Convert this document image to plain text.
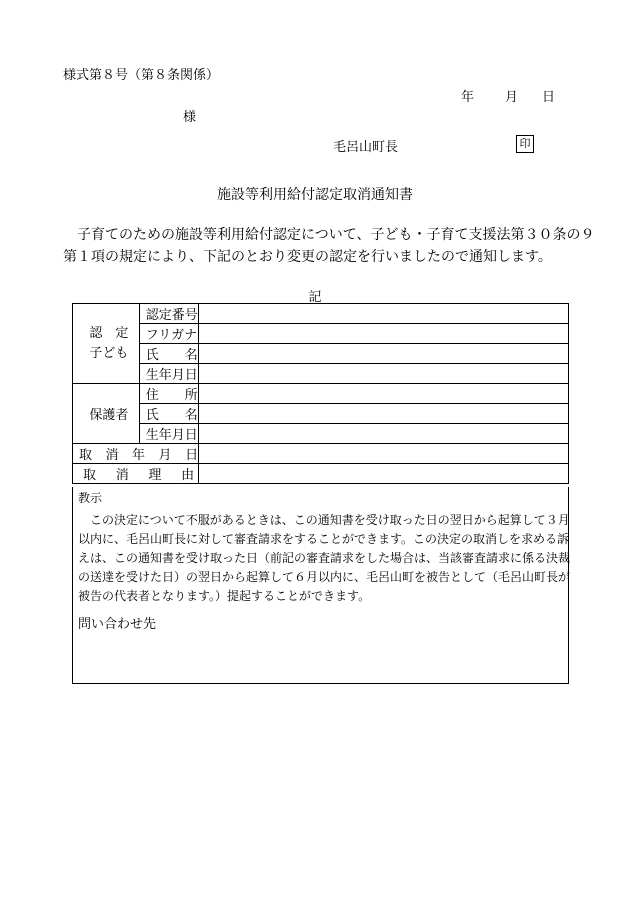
様式第８号（第８条関係）
年 月 日
様
毛呂山町長	印
施設等利用給付認定取消通知書
子育てのための施設等利用給付認定について、子ども・子育て支援法第３０条の９
第１項の規定により、下記のとおり変更の認定を行いましたので通知します。
記
認　定
子ども	認定番号	
	フリガナ	
	氏　　名	
	生年月日	
保護者	住　　所	
	氏　　名	
	生年月日	

取 消 年 月 日		

取 消 理 由		

教示
この決定について不服があるときは、この通知書を受け取った日の翌日から起算して３月
以内に、毛呂山町長に対して審査請求をすることができます。この決定の取消しを求める訴
えは、この通知書を受け取った日（前記の審査請求をした場合は、当該審査請求に係る決裁
の送達を受けた日）の翌日から起算して６月以内に、毛呂山町を被告として（毛呂山町長が
被告の代表者となります。）提起することができます。
問い合わせ先
